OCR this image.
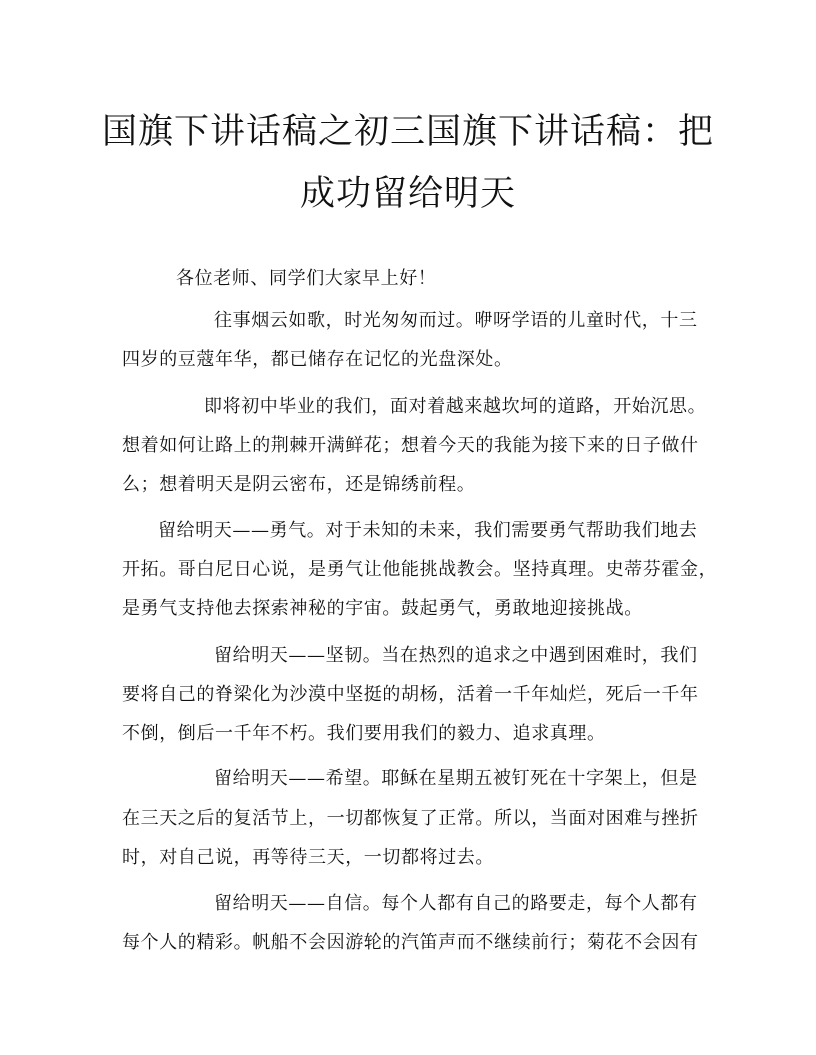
国旗下讲话稿之初三国旗下讲话稿：把
成功留给明天
各位老师、同学们大家早上好！
往事烟云如歌，时光匆匆而过。咿呀学语的儿童时代，十三
四岁的豆蔻年华，都已储存在记忆的光盘深处。
即将初中毕业的我们，面对着越来越坎坷的道路，开始沉思。
想着如何让路上的荆棘开满鲜花；想着今天的我能为接下来的日子做什
么；想着明天是阴云密布，还是锦绣前程。
留给明天——勇气。对于未知的未来，我们需要勇气帮助我们地去
开拓。哥白尼日心说，是勇气让他能挑战教会。坚持真理。史蒂芬霍金，
是勇气支持他去探索神秘的宇宙。鼓起勇气，勇敢地迎接挑战。
留给明天——坚韧。当在热烈的追求之中遇到困难时，我们
要将自己的脊梁化为沙漠中坚挺的胡杨，活着一千年灿烂，死后一千年
不倒，倒后一千年不朽。我们要用我们的毅力、追求真理。
留给明天——希望。耶稣在星期五被钉死在十字架上，但是
在三天之后的复活节上，一切都恢复了正常。所以，当面对困难与挫折
时，对自己说，再等待三天，一切都将过去。
留给明天——自信。每个人都有自己的路要走，每个人都有
每个人的精彩。帆船不会因游轮的汽笛声而不继续前行；菊花不会因有
